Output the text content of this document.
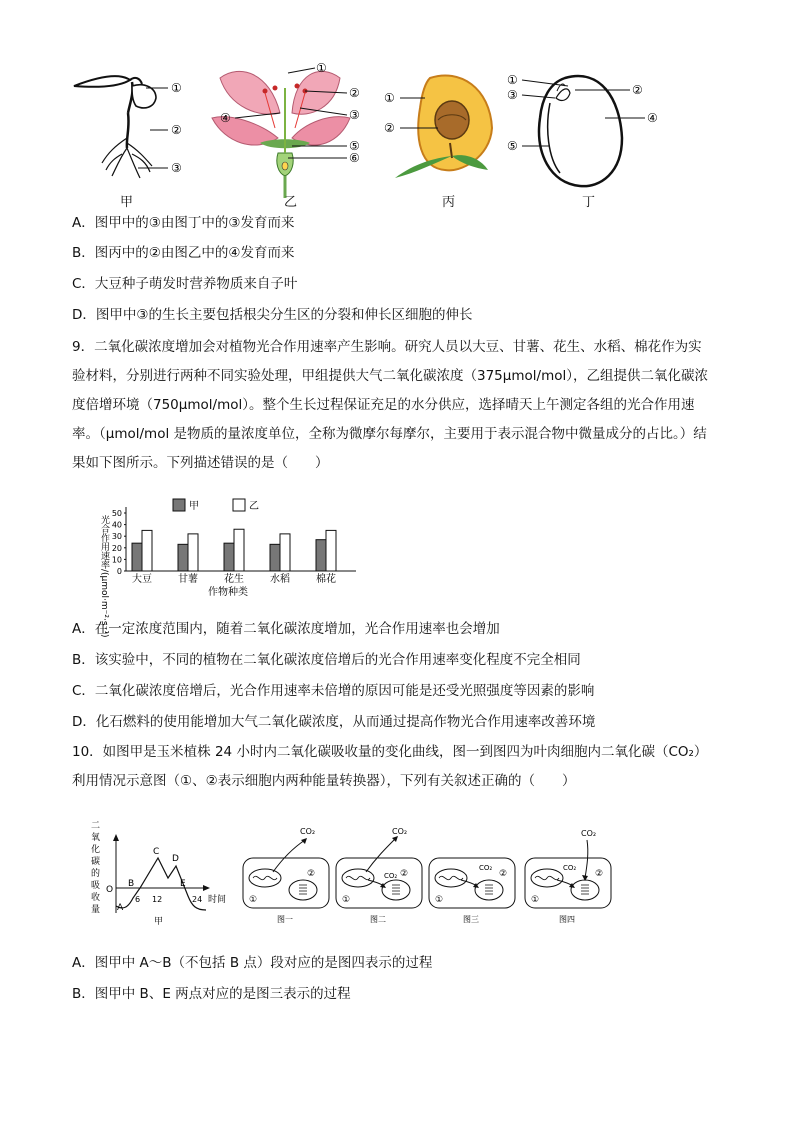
①
②
③
甲
①
②
③
④
⑤
⑥
乙
①
②
丙
①
③	②
④
⑤
丁
A．图甲中的③由图丁中的③发育而来
B．图丙中的②由图乙中的④发育而来
C．大豆种子萌发时营养物质来自子叶
D．图甲中③的生长主要包括根尖分生区的分裂和伸长区细胞的伸长
9．二氧化碳浓度增加会对植物光合作用速率产生影响。研究人员以大豆、甘薯、花生、水稻、棉花作为实
验材料，分别进行两种不同实验处理，甲组提供大气二氧化碳浓度（375μmol/mol），乙组提供二氧化碳浓
度倍增环境（750μmol/mol）。整个生长过程保证充足的水分供应，选择晴天上午测定各组的光合作用速
率。（μmol/mol 是物质的量浓度单位，全称为微摩尔每摩尔，主要用于表示混合物中微量成分的占比。）结
果如下图所示。下列描述错误的是（　　）
光合作用速率/(μmol·m⁻²·s⁻¹) 0
10
20
30
40
50
大豆	甘薯	花生	水稻	棉花
作物种类
甲	乙
A．在一定浓度范围内，随着二氧化碳浓度增加，光合作用速率也会增加
B．该实验中，不同的植物在二氧化碳浓度倍增后的光合作用速率变化程度不完全相同
C．二氧化碳浓度倍增后，光合作用速率未倍增的原因可能是还受光照强度等因素的影响
D．化石燃料的使用能增加大气二氧化碳浓度，从而通过提高作物光合作用速率改善环境
10．如图甲是玉米植株 24 小时内二氧化碳吸收量的变化曲线，图一到图四为叶肉细胞内二氧化碳（CO₂）
利用情况示意图（①、②表示细胞内两种能量转换器），下列有关叙述正确的（　　）
二
氧
化
碳
的
吸
收
量
O
A
B
C
D
E
6 12	24 时间
甲
CO₂
①
②
图一
CO₂
CO₂
①
②
图二
CO₂
①
②
图三
CO₂
CO₂
①
②
图四
A．图甲中 A～B（不包括 B 点）段对应的是图四表示的过程
B．图甲中 B、E 两点对应的是图三表示的过程
